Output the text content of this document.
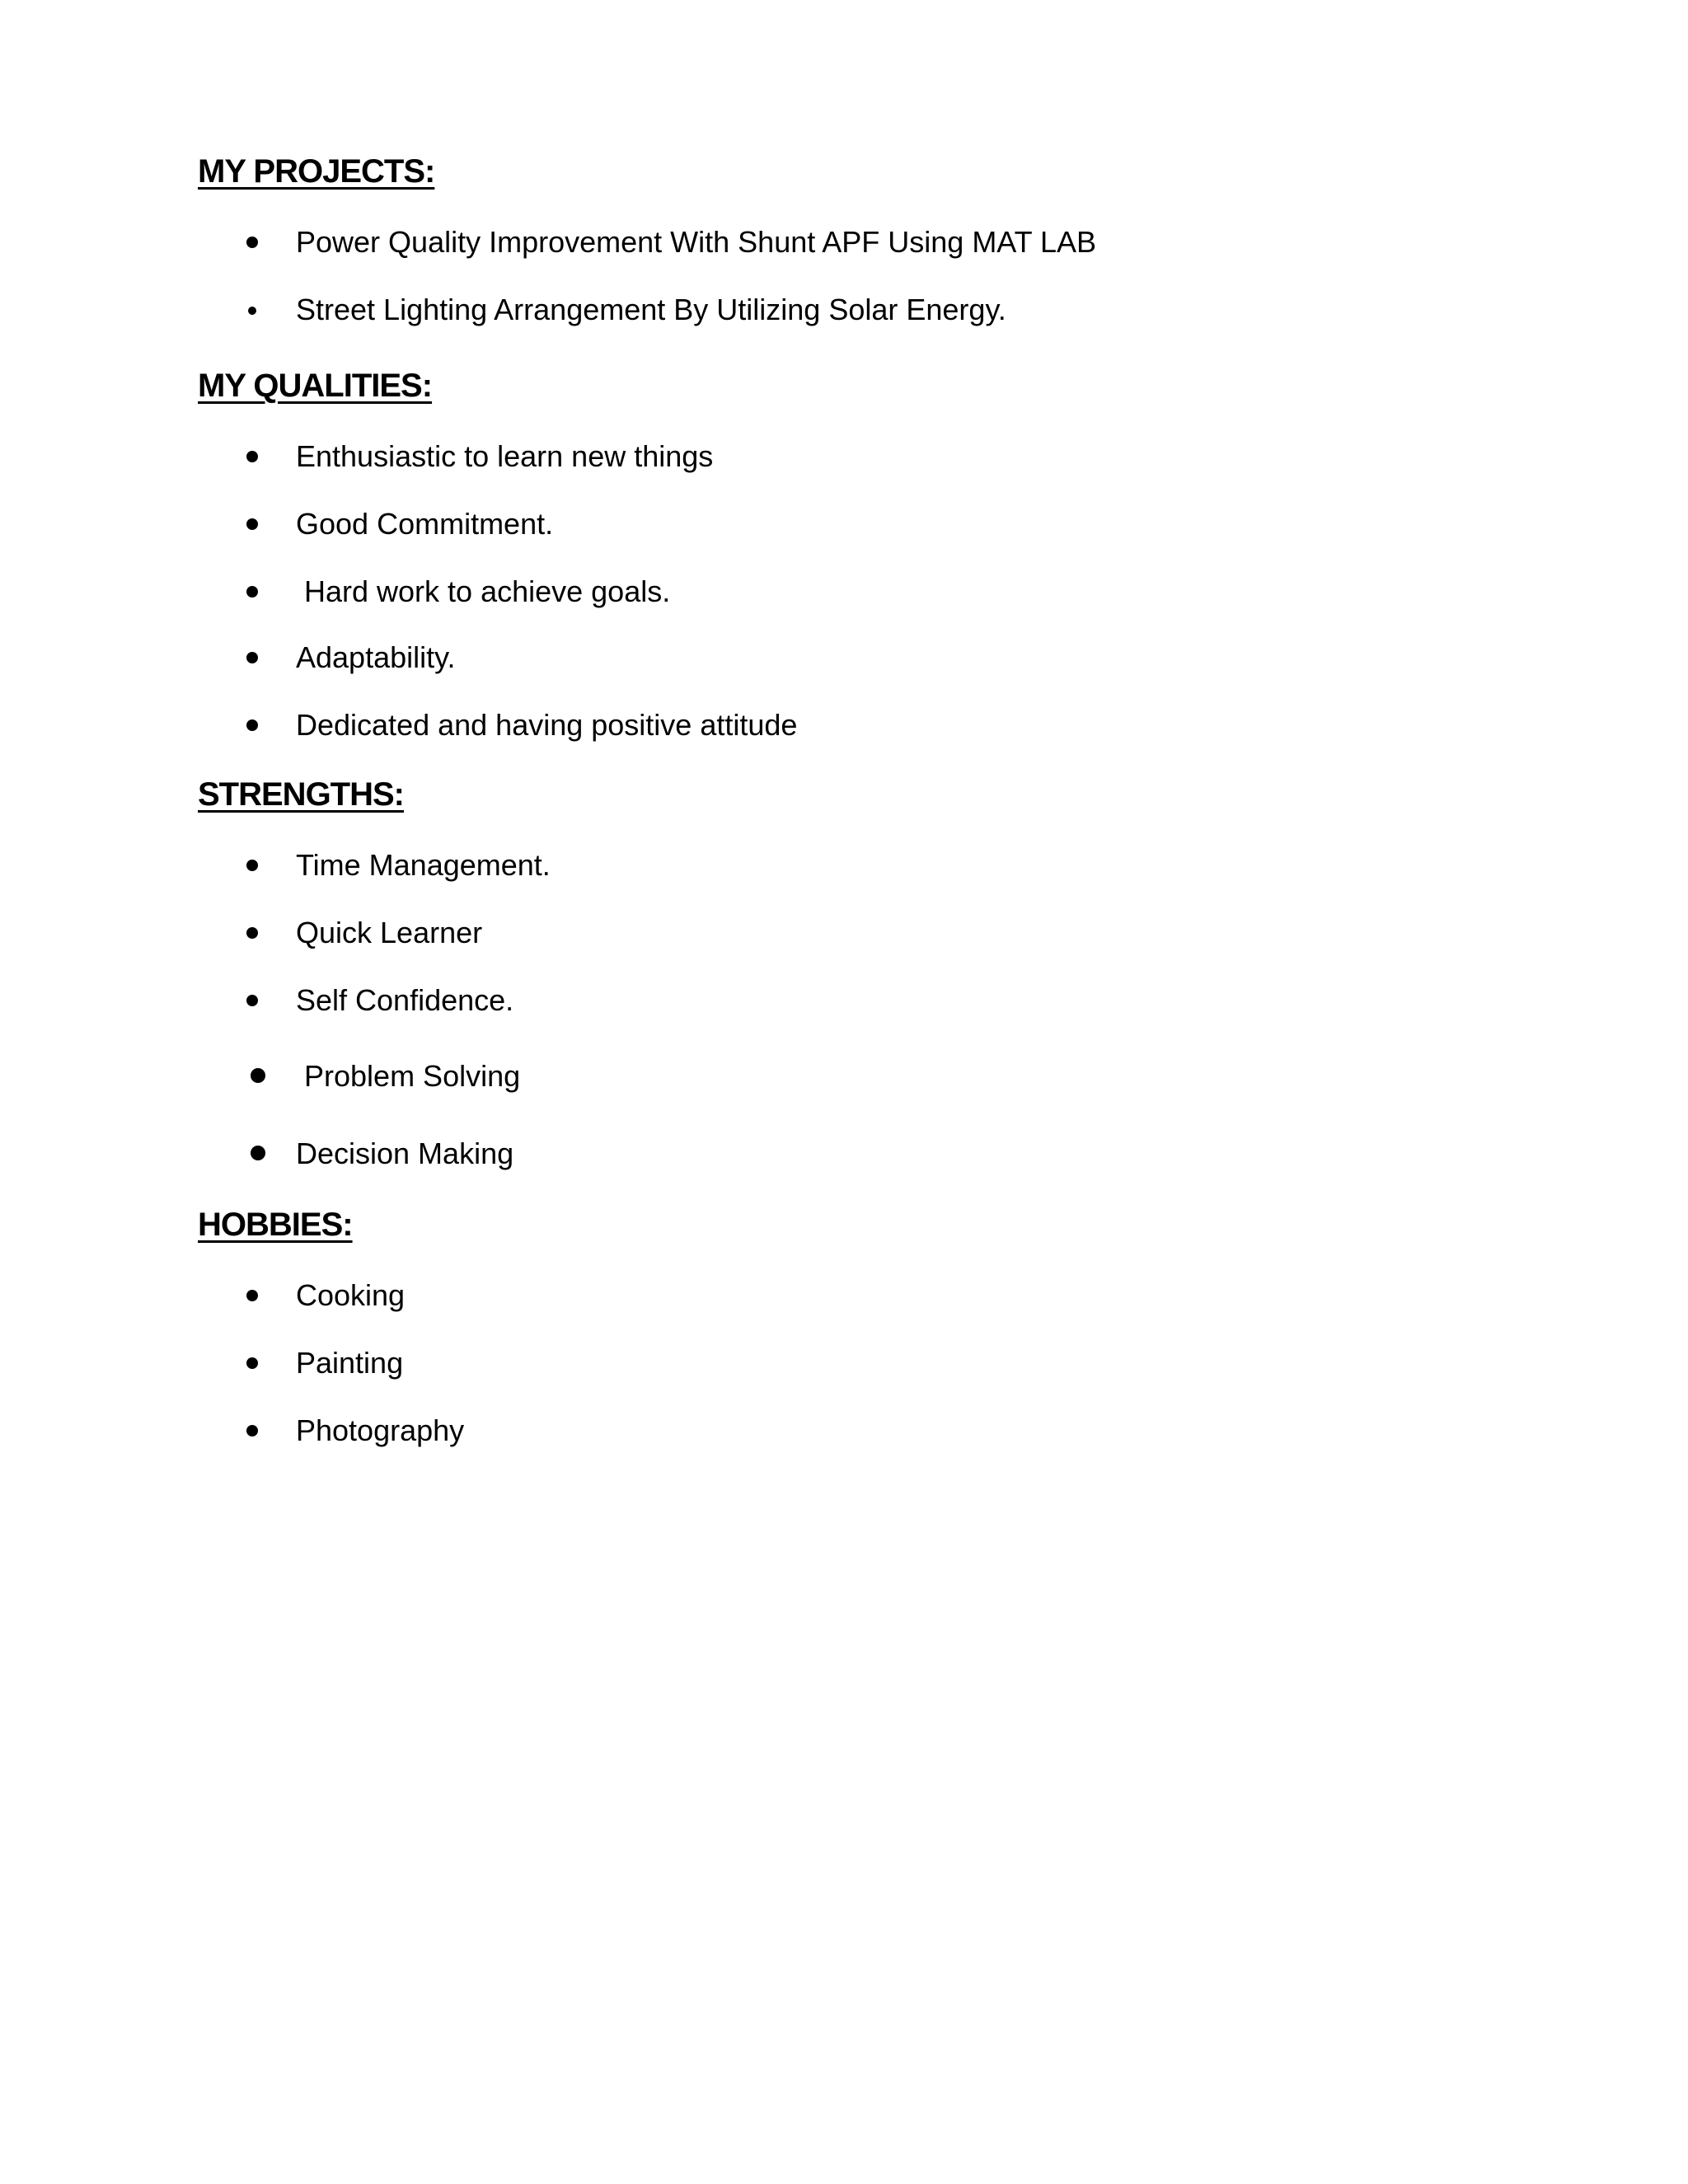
MY PROJECTS:
Power Quality Improvement With Shunt APF Using MAT LAB
Street Lighting Arrangement By Utilizing Solar Energy.
MY QUALITIES:
Enthusiastic to learn new things
Good Commitment.
Hard work to achieve goals.
Adaptability.
Dedicated and having positive attitude
STRENGTHS:
Time Management.
Quick Learner
Self Confidence.
Problem Solving
Decision Making
HOBBIES:
Cooking
Painting
Photography
